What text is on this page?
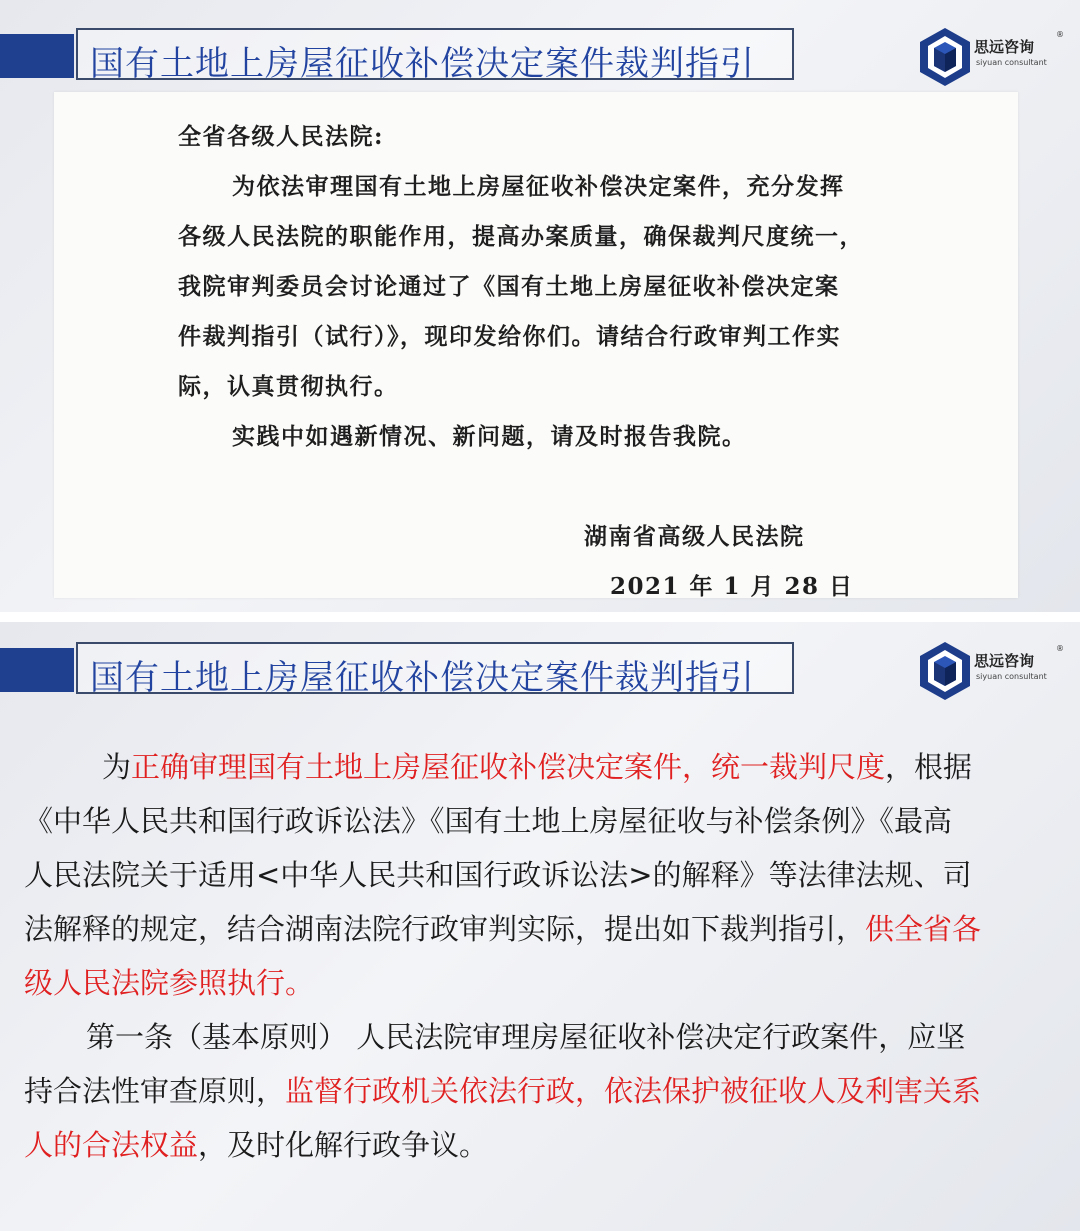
国有土地上房屋征收补偿决定案件裁判指引	思远咨询
®
siyuan consultant
全省各级人民法院:
为依法审理国有土地上房屋征收补偿决定案件，充分发挥
各级人民法院的职能作用，提高办案质量，确保裁判尺度统一，
我院审判委员会讨论通过了《国有土地上房屋征收补偿决定案
件裁判指引（试行）》，现印发给你们。请结合行政审判工作实
际，认真贯彻执行。
实践中如遇新情况、新问题，请及时报告我院。
湖南省高级人民法院
2021 年 1 月 28 日
国有土地上房屋征收补偿决定案件裁判指引	思远咨询
®
siyuan consultant
为正确审理国有土地上房屋征收补偿决定案件，统一裁判尺度，根据
《中华人民共和国行政诉讼法》《国有土地上房屋征收与补偿条例》《最高
人民法院关于适用<中华人民共和国行政诉讼法>的解释》等法律法规、司
法解释的规定，结合湖南法院行政审判实际，提出如下裁判指引，供全省各
级人民法院参照执行。
第一条（基本原则） 人民法院审理房屋征收补偿决定行政案件，应坚
持合法性审查原则，监督行政机关依法行政，依法保护被征收人及利害关系
人的合法权益，及时化解行政争议。
